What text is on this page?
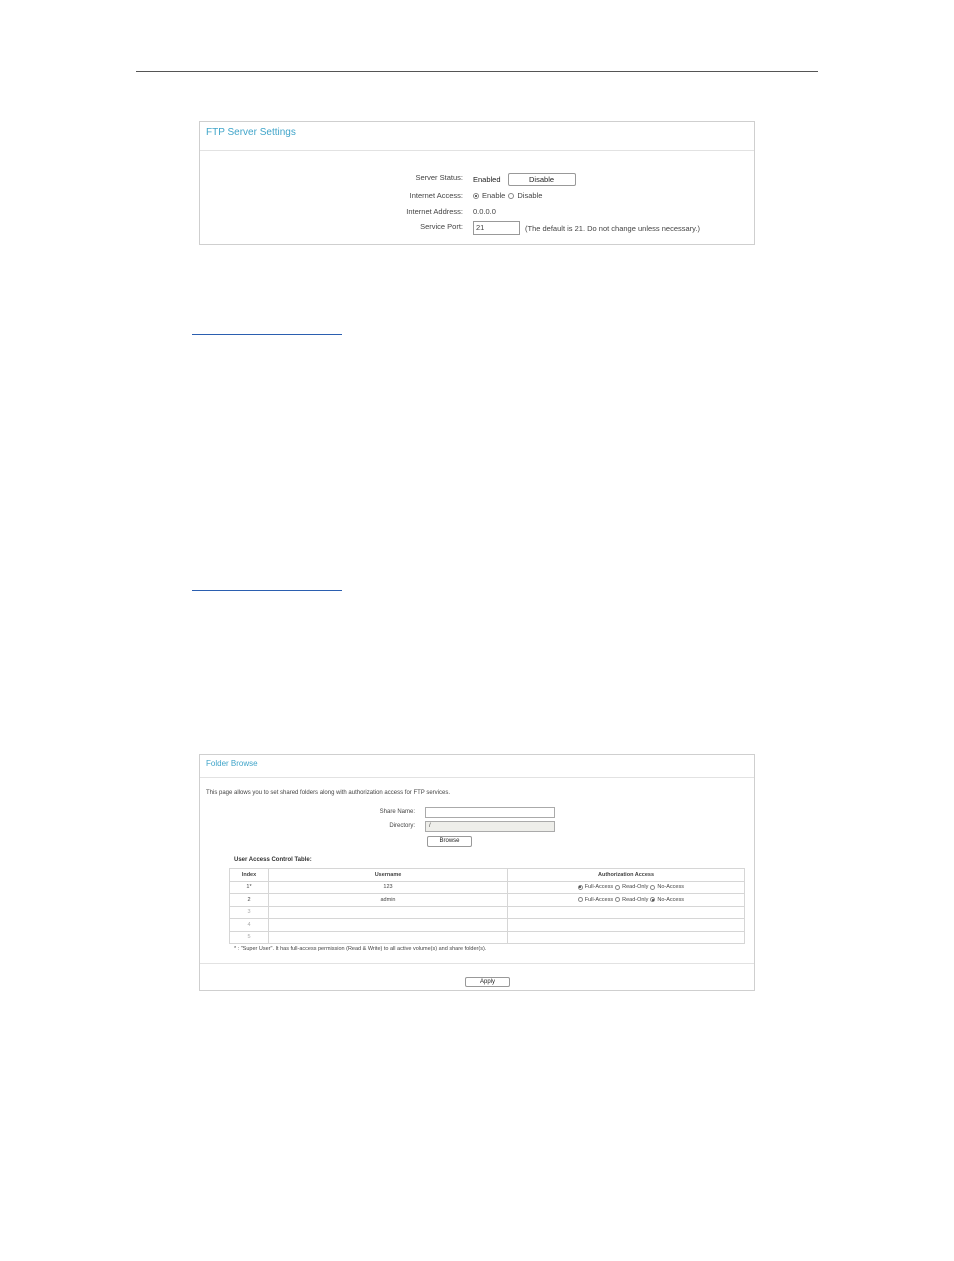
FTP Server Settings
Server Status: Enabled	Disable
Internet Access:	Enable Disable
Internet Address: 0.0.0.0
Service Port:	21	(The default is 21. Do not change unless necessary.)
Folder Browse
This page allows you to set shared folders along with authorization access for FTP services.
Share Name:
Directory:	/
Browse
User Access Control Table:
Index	Username	Authorization Access
1*	123	Full-Access Read-Only No-Access

2	admin	Full-Access Read-Only No-Access

3		
4		
5		
* : "Super User". It has full-access permission (Read & Write) to all active volume(s) and share folder(s).
Apply
